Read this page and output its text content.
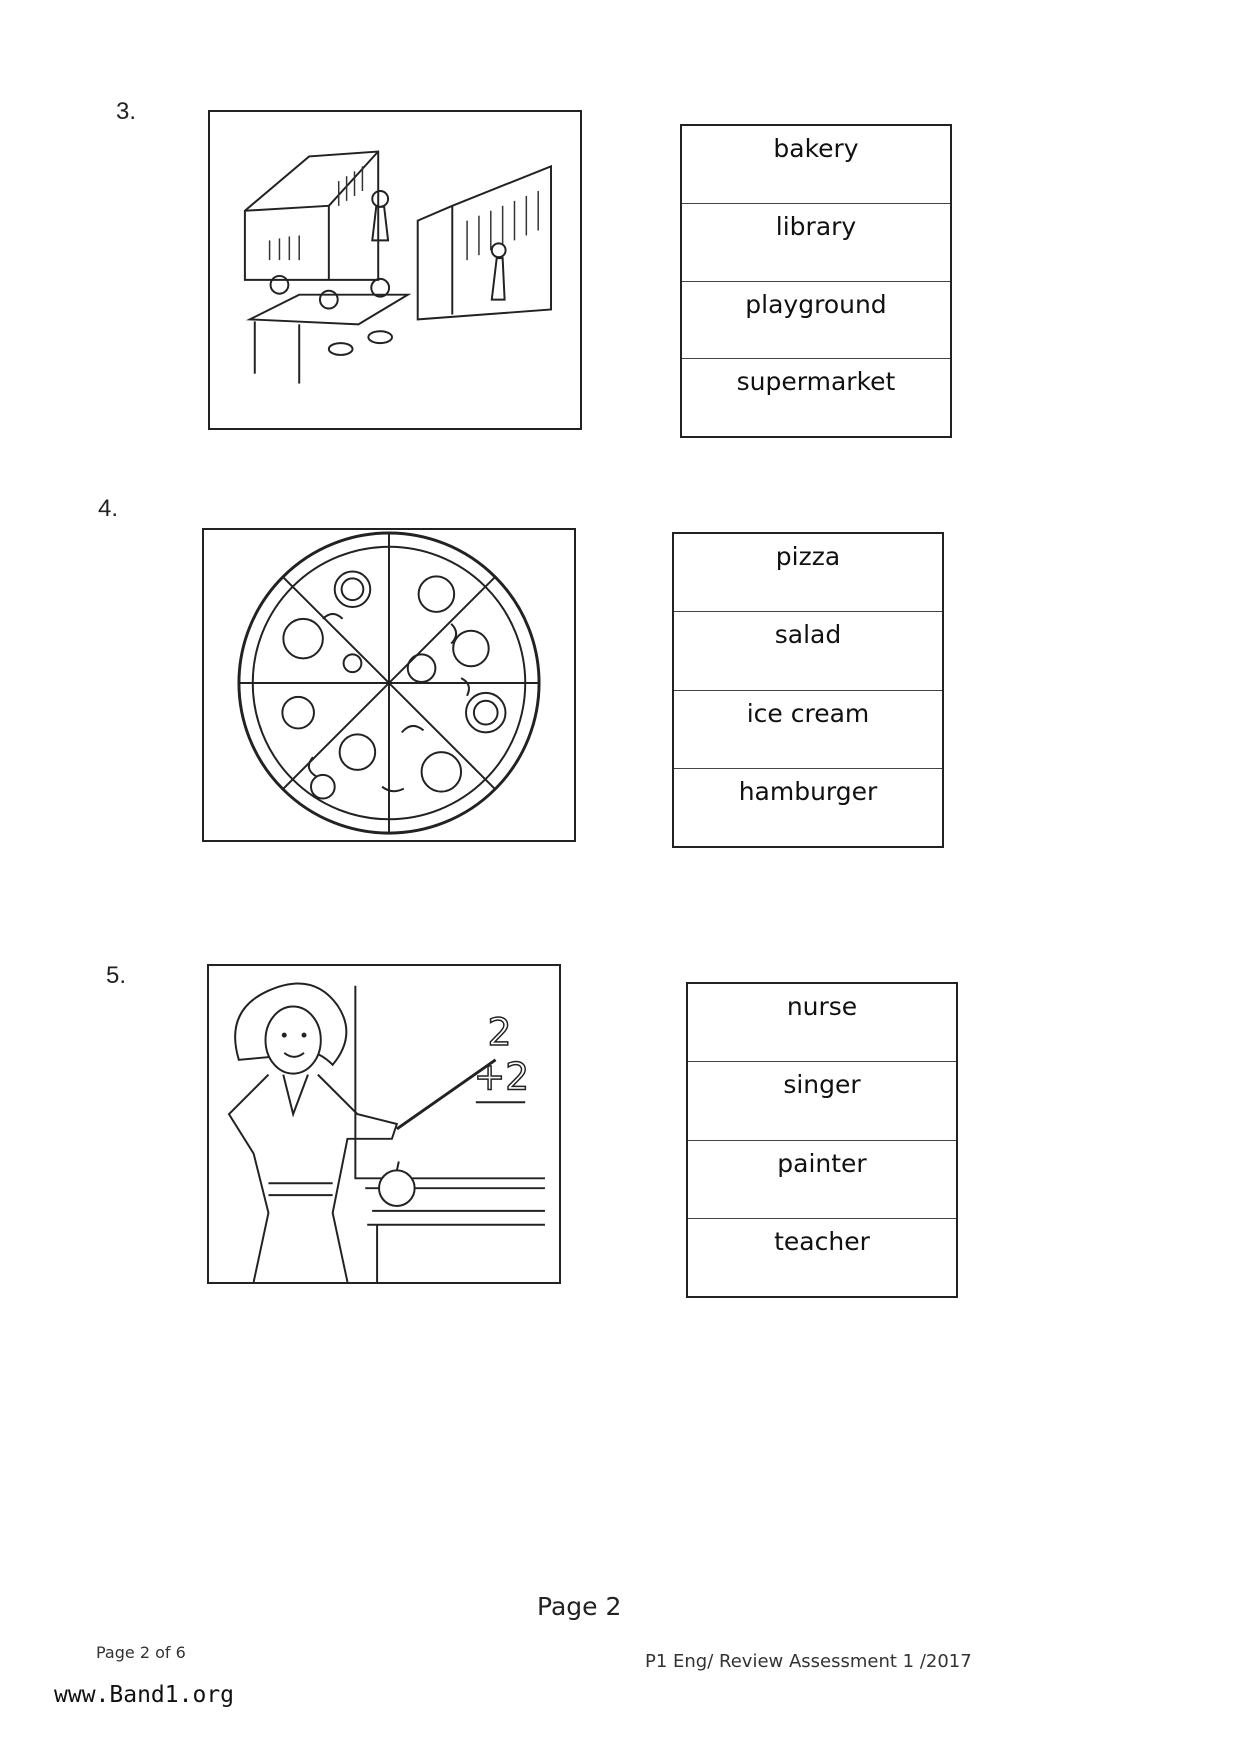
3.
bakery
library
playground
supermarket
4.
pizza
salad
ice cream
hamburger
5.
2
+2
nurse
singer
painter
teacher
Page 2
Page 2 of 6	P1 Eng/ Review Assessment 1 /2017
www.Band1.org
